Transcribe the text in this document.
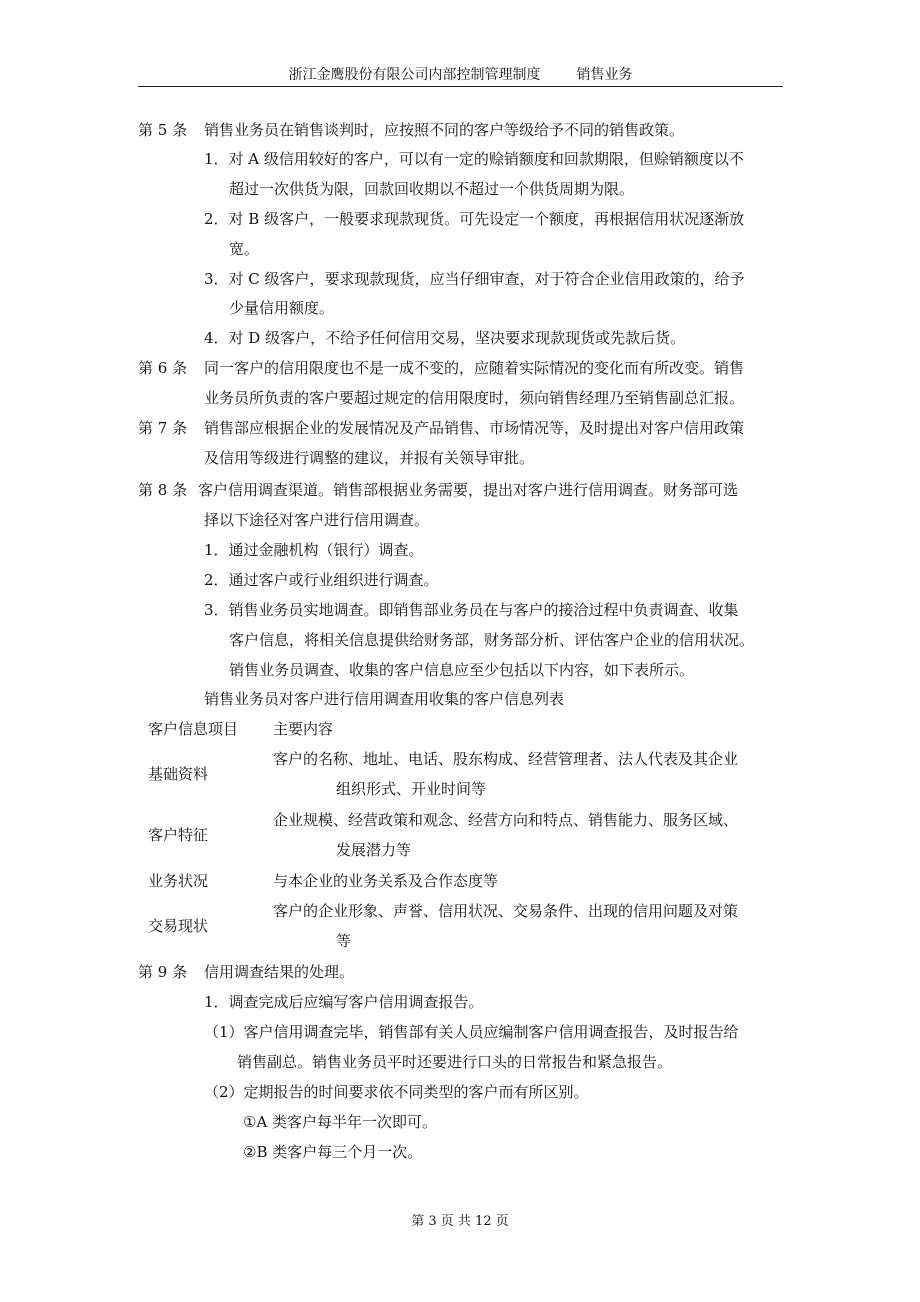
浙江金鹰股份有限公司内部控制管理制度	销售业务
第 5 条 销售业务员在销售谈判时，应按照不同的客户等级给予不同的销售政策。
1．对 A 级信用较好的客户，可以有一定的赊销额度和回款期限，但赊销额度以不
超过一次供货为限，回款回收期以不超过一个供货周期为限。
2．对 B 级客户，一般要求现款现货。可先设定一个额度，再根据信用状况逐渐放
宽。
3．对 C 级客户，要求现款现货，应当仔细审查，对于符合企业信用政策的，给予
少量信用额度。
4．对 D 级客户，不给予任何信用交易，坚决要求现款现货或先款后货。
第 6 条 同一客户的信用限度也不是一成不变的，应随着实际情况的变化而有所改变。销售
业务员所负责的客户要超过规定的信用限度时，须向销售经理乃至销售副总汇报。
第 7 条 销售部应根据企业的发展情况及产品销售、市场情况等，及时提出对客户信用政策
及信用等级进行调整的建议，并报有关领导审批。
第 8 条 客户信用调查渠道。销售部根据业务需要，提出对客户进行信用调查。财务部可选
择以下途径对客户进行信用调查。
1．通过金融机构（银行）调查。
2．通过客户或行业组织进行调查。
3．销售业务员实地调查。即销售部业务员在与客户的接洽过程中负责调查、收集
客户信息，将相关信息提供给财务部，财务部分析、评估客户企业的信用状况。
销售业务员调查、收集的客户信息应至少包括以下内容，如下表所示。
销售业务员对客户进行信用调查用收集的客户信息列表
客户信息项目 主要内容
基础资料
客户的名称、地址、电话、股东构成、经营管理者、法人代表及其企业
组织形式、开业时间等
客户特征
企业规模、经营政策和观念、经营方向和特点、销售能力、服务区域、
发展潜力等
业务状况	与本企业的业务关系及合作态度等
交易现状
客户的企业形象、声誉、信用状况、交易条件、出现的信用问题及对策
等
第 9 条 信用调查结果的处理。
1．调查完成后应编写客户信用调查报告。
（1）客户信用调查完毕，销售部有关人员应编制客户信用调查报告，及时报告给
销售副总。销售业务员平时还要进行口头的日常报告和紧急报告。
（2）定期报告的时间要求依不同类型的客户而有所区别。
①A 类客户每半年一次即可。
②B 类客户每三个月一次。
第 3 页 共 12 页
